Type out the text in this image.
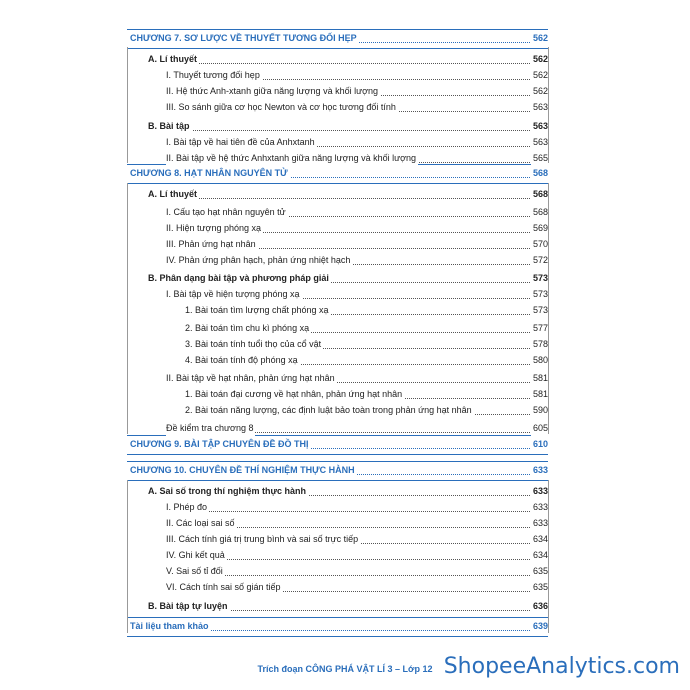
CHƯƠNG 7. SƠ LƯỢC VỀ THUYẾT TƯƠNG ĐỐI HẸP	562
A. Lí thuyết	562
I. Thuyết tương đối hẹp	562
II. Hệ thức Anh-xtanh giữa năng lượng và khối lượng	562
III. So sánh giữa cơ học Newton và cơ học tương đối tính	563
B. Bài tập	563
I. Bài tập về hai tiên đề của Anhxtanh	563
II. Bài tập về hệ thức Anhxtanh giữa năng lượng và khối lượng	565
CHƯƠNG 8. HẠT NHÂN NGUYÊN TỬ	568
A. Lí thuyết	568
I. Cấu tạo hạt nhân nguyên tử	568
II. Hiện tượng phóng xạ	569
III. Phản ứng hạt nhân	570
IV. Phản ứng phân hạch, phản ứng nhiệt hạch	572
B. Phân dạng bài tập và phương pháp giải	573
I. Bài tập về hiện tượng phóng xạ	573
1. Bài toán tìm lượng chất phóng xạ	573
2. Bài toán tìm chu kì phóng xạ	577
3. Bài toán tính tuổi thọ của cổ vật	578
4. Bài toán tính độ phóng xạ	580
II. Bài tập về hạt nhân, phản ứng hạt nhân	581
1. Bài toán đại cương về hạt nhân, phản ứng hạt nhân	581
2. Bài toán năng lượng, các định luật bảo toàn trong phản ứng hạt nhân	590
Đề kiểm tra chương 8	605
CHƯƠNG 9. BÀI TẬP CHUYÊN ĐỀ ĐỒ THỊ	610
CHƯƠNG 10. CHUYÊN ĐỀ THÍ NGHIỆM THỰC HÀNH	633
A. Sai số trong thí nghiệm thực hành	633
I. Phép đo	633
II. Các loại sai số	633
III. Cách tính giá trị trung bình và sai số trực tiếp	634
IV. Ghi kết quả	634
V. Sai số tỉ đối	635
VI. Cách tính sai số gián tiếp	635
B. Bài tập tự luyện	636
Tài liệu tham khảo	639
Trích đoạn CÔNG PHÁ VẬT LÍ 3 – Lớp 12 ShopeeAnalytics.com
